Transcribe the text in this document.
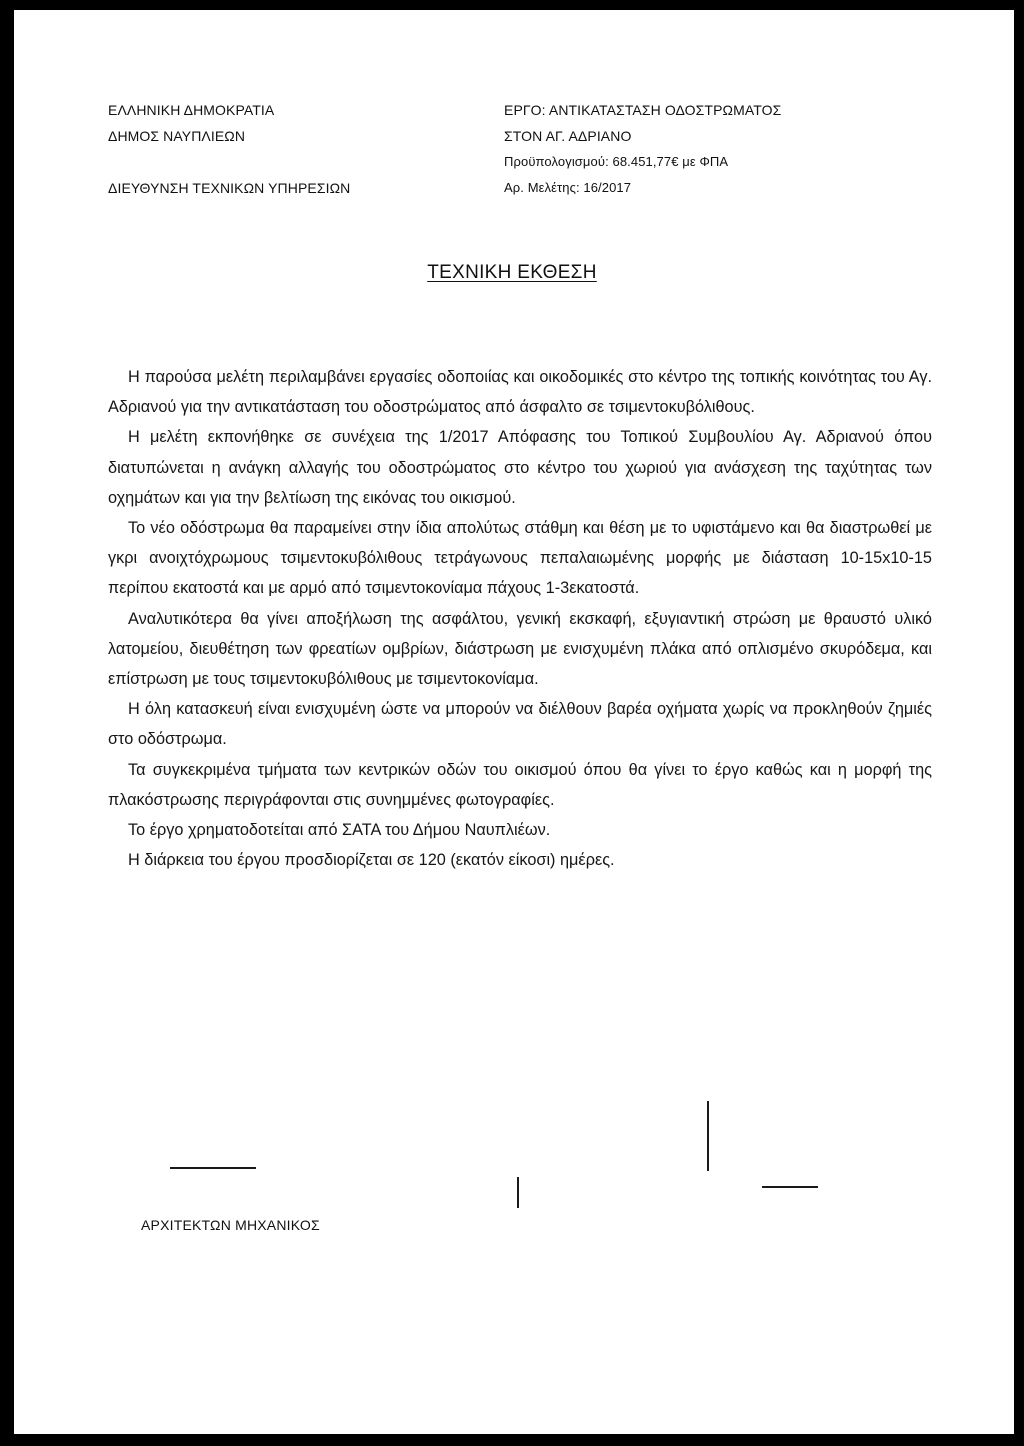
ΕΛΛΗΝΙΚΗ ΔΗΜΟΚΡΑΤΙΑ
ΔΗΜΟΣ ΝΑΥΠΛΙΕΩΝ
ΔΙΕΥΘΥΝΣΗ ΤΕΧΝΙΚΩΝ ΥΠΗΡΕΣΙΩΝ
ΕΡΓΟ: ΑΝΤΙΚΑΤΑΣΤΑΣΗ ΟΔΟΣΤΡΩΜΑΤΟΣ
ΣΤΟΝ ΑΓ. ΑΔΡΙΑΝΟ
Προϋπολογισμού: 68.451,77€ με ΦΠΑ
Αρ. Μελέτης: 16/2017
ΤΕΧΝΙΚΗ ΕΚΘΕΣΗ

Η παρούσα μελέτη περιλαμβάνει εργασίες οδοποιίας και οικοδομικές στο κέντρο της τοπικής κοινότητας του Αγ. Αδριανού για την αντικατάσταση του οδοστρώματος από άσφαλτο σε τσιμεντοκυβόλιθους.

Η μελέτη εκπονήθηκε σε συνέχεια της 1/2017 Απόφασης του Τοπικού Συμβουλίου Αγ. Αδριανού όπου διατυπώνεται η ανάγκη αλλαγής του οδοστρώματος στο κέντρο του χωριού για ανάσχεση της ταχύτητας των οχημάτων και για την βελτίωση της εικόνας του οικισμού.

Το νέο οδόστρωμα θα παραμείνει στην ίδια απολύτως στάθμη και θέση με το υφιστάμενο και θα διαστρωθεί με γκρι ανοιχτόχρωμους τσιμεντοκυβόλιθους τετράγωνους πεπαλαιωμένης μορφής με διάσταση 10-15x10-15 περίπου εκατοστά και με αρμό από τσιμεντοκονίαμα πάχους 1-3εκατοστά.

Αναλυτικότερα θα γίνει αποξήλωση της ασφάλτου, γενική εκσκαφή, εξυγιαντική στρώση με θραυστό υλικό λατομείου, διευθέτηση των φρεατίων ομβρίων, διάστρωση με ενισχυμένη πλάκα από οπλισμένο σκυρόδεμα, και επίστρωση με τους τσιμεντοκυβόλιθους με τσιμεντοκονίαμα.

Η όλη κατασκευή είναι ενισχυμένη ώστε να μπορούν να διέλθουν βαρέα οχήματα χωρίς να προκληθούν ζημιές στο οδόστρωμα.

Τα συγκεκριμένα τμήματα των κεντρικών οδών του οικισμού όπου θα γίνει το έργο καθώς και η μορφή της πλακόστρωσης περιγράφονται στις συνημμένες φωτογραφίες.

Το έργο χρηματοδοτείται από ΣΑΤΑ του Δήμου Ναυπλιέων.

Η διάρκεια του έργου προσδιορίζεται σε 120 (εκατόν είκοσι) ημέρες.

ΑΡΧΙΤΕΚΤΩΝ ΜΗΧΑΝΙΚΟΣ
